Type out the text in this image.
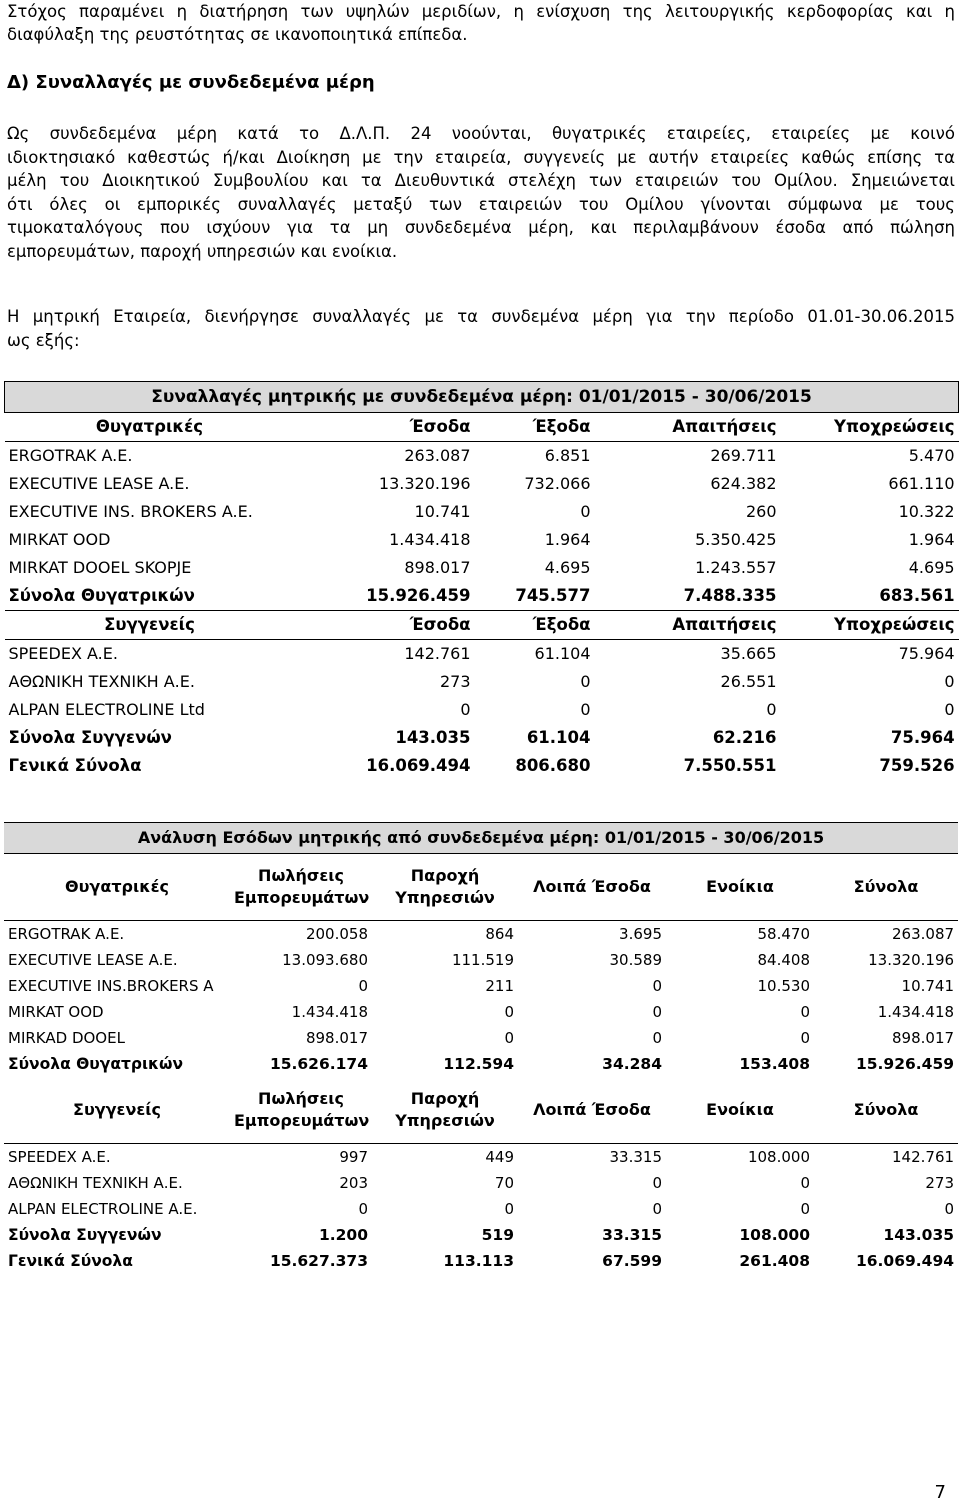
Στόχος παραμένει η διατήρηση των υψηλών μεριδίων, η ενίσχυση της λειτουργικής κερδοφορίας και η
διαφύλαξη της ρευστότητας σε ικανοποιητικά επίπεδα.
Δ) Συναλλαγές με συνδεδεμένα μέρη
Ως συνδεδεμένα μέρη κατά το Δ.Λ.Π. 24 νοούνται, θυγατρικές εταιρείες, εταιρείες με κοινό
ιδιοκτησιακό καθεστώς ή/και Διοίκηση με την εταιρεία, συγγενείς με αυτήν εταιρείες καθώς επίσης τα
μέλη του Διοικητικού Συμβουλίου και τα Διευθυντικά στελέχη των εταιρειών του Ομίλου. Σημειώνεται
ότι όλες οι εμπορικές συναλλαγές μεταξύ των εταιρειών του Ομίλου γίνονται σύμφωνα με τους
τιμοκαταλόγους που ισχύουν για τα μη συνδεδεμένα μέρη, και περιλαμβάνουν έσοδα από πώληση
εμπορευμάτων, παροχή υπηρεσιών και ενοίκια.
Η μητρική Εταιρεία, διενήργησε συναλλαγές με τα συνδεμένα μέρη για την περίοδο 01.01-30.06.2015
ως εξής:
Συναλλαγές μητρικής με συνδεδεμένα μέρη: 01/01/2015 - 30/06/2015				
Θυγατρικές	Έσοδα	Έξοδα	Απαιτήσεις	Υποχρεώσεις
ERGOTRAK A.E.	263.087	6.851	269.711	5.470
EXECUTIVE LEASE A.E.	13.320.196	732.066	624.382	661.110
EXECUTIVE INS. BROKERS A.E.	10.741	0	260	10.322
MIRKAT OOD	1.434.418	1.964	5.350.425	1.964
MIRKAT DOOEL SKOPJE	898.017	4.695	1.243.557	4.695
Σύνολα Θυγατρικών	15.926.459	745.577	7.488.335	683.561
Συγγενείς	Έσοδα	Έξοδα	Απαιτήσεις	Υποχρεώσεις
SPEEDEX A.E.	142.761	61.104	35.665	75.964
ΑΘΩΝΙΚΗ ΤΕΧΝΙΚΗ Α.Ε.	273	0	26.551	0
ALPAN ELECTROLINE Ltd	0	0	0	0
Σύνολα Συγγενών	143.035	61.104	62.216	75.964
Γενικά Σύνολα	16.069.494	806.680	7.550.551	759.526
Ανάλυση Εσόδων μητρικής από συνδεδεμένα μέρη: 01/01/2015 - 30/06/2015					
Θυγατρικές	Πωλήσεις Εμπορευμάτων	Παροχή Υπηρεσιών	Λοιπά Έσοδα	Ενοίκια	Σύνολα
ERGOTRAK A.E.	200.058	864	3.695	58.470	263.087
EXECUTIVE LEASE A.E.	13.093.680	111.519	30.589	84.408	13.320.196
EXECUTIVE INS.BROKERS A	0	211	0	10.530	10.741
MIRKAT OOD	1.434.418	0	0	0	1.434.418
MIRKAD DOOEL	898.017	0	0	0	898.017
Σύνολα Θυγατρικών	15.626.174	112.594	34.284	153.408	15.926.459
Συγγενείς	Πωλήσεις Εμπορευμάτων	Παροχή Υπηρεσιών	Λοιπά Έσοδα	Ενοίκια	Σύνολα
SPEEDEX A.E.	997	449	33.315	108.000	142.761
ΑΘΩΝΙΚΗ ΤΕΧΝΙΚΗ Α.Ε.	203	70	0	0	273
ALPAN ELECTROLINE A.E.	0	0	0	0	0
Σύνολα Συγγενών	1.200	519	33.315	108.000	143.035
Γενικά Σύνολα	15.627.373	113.113	67.599	261.408	16.069.494
7
